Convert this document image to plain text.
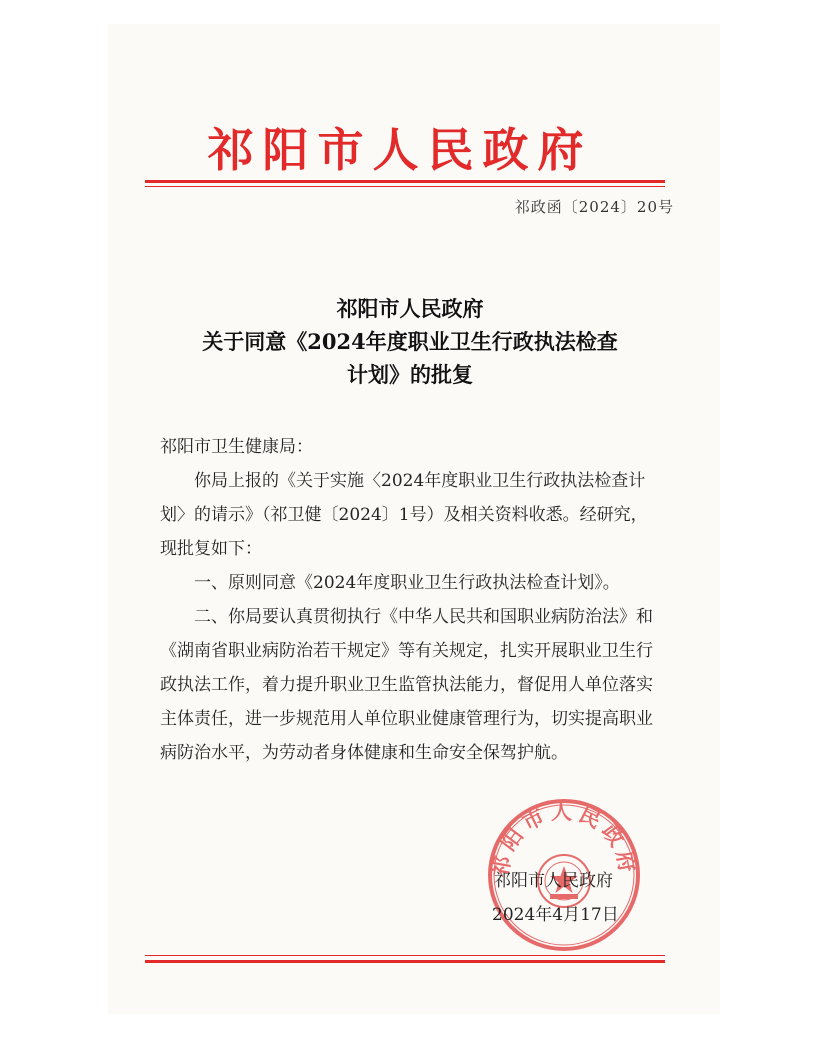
祁阳市人民政府
祁政函〔2024〕20号
祁阳市人民政府
关于同意《2024年度职业卫生行政执法检查
计划》的批复

祁阳市卫生健康局：

你局上报的《关于实施〈2024年度职业卫生行政执法检查计划〉的请示》（祁卫健〔2024〕1号）及相关资料收悉。经研究，现批复如下：

一、原则同意《2024年度职业卫生行政执法检查计划》。

二、你局要认真贯彻执行《中华人民共和国职业病防治法》和《湖南省职业病防治若干规定》等有关规定，扎实开展职业卫生行政执法工作，着力提升职业卫生监管执法能力，督促用人单位落实主体责任，进一步规范用人单位职业健康管理行为，切实提高职业病防治水平，为劳动者身体健康和生命安全保驾护航。

祁阳市人民政府
祁阳市人民政府
2024年4月17日
